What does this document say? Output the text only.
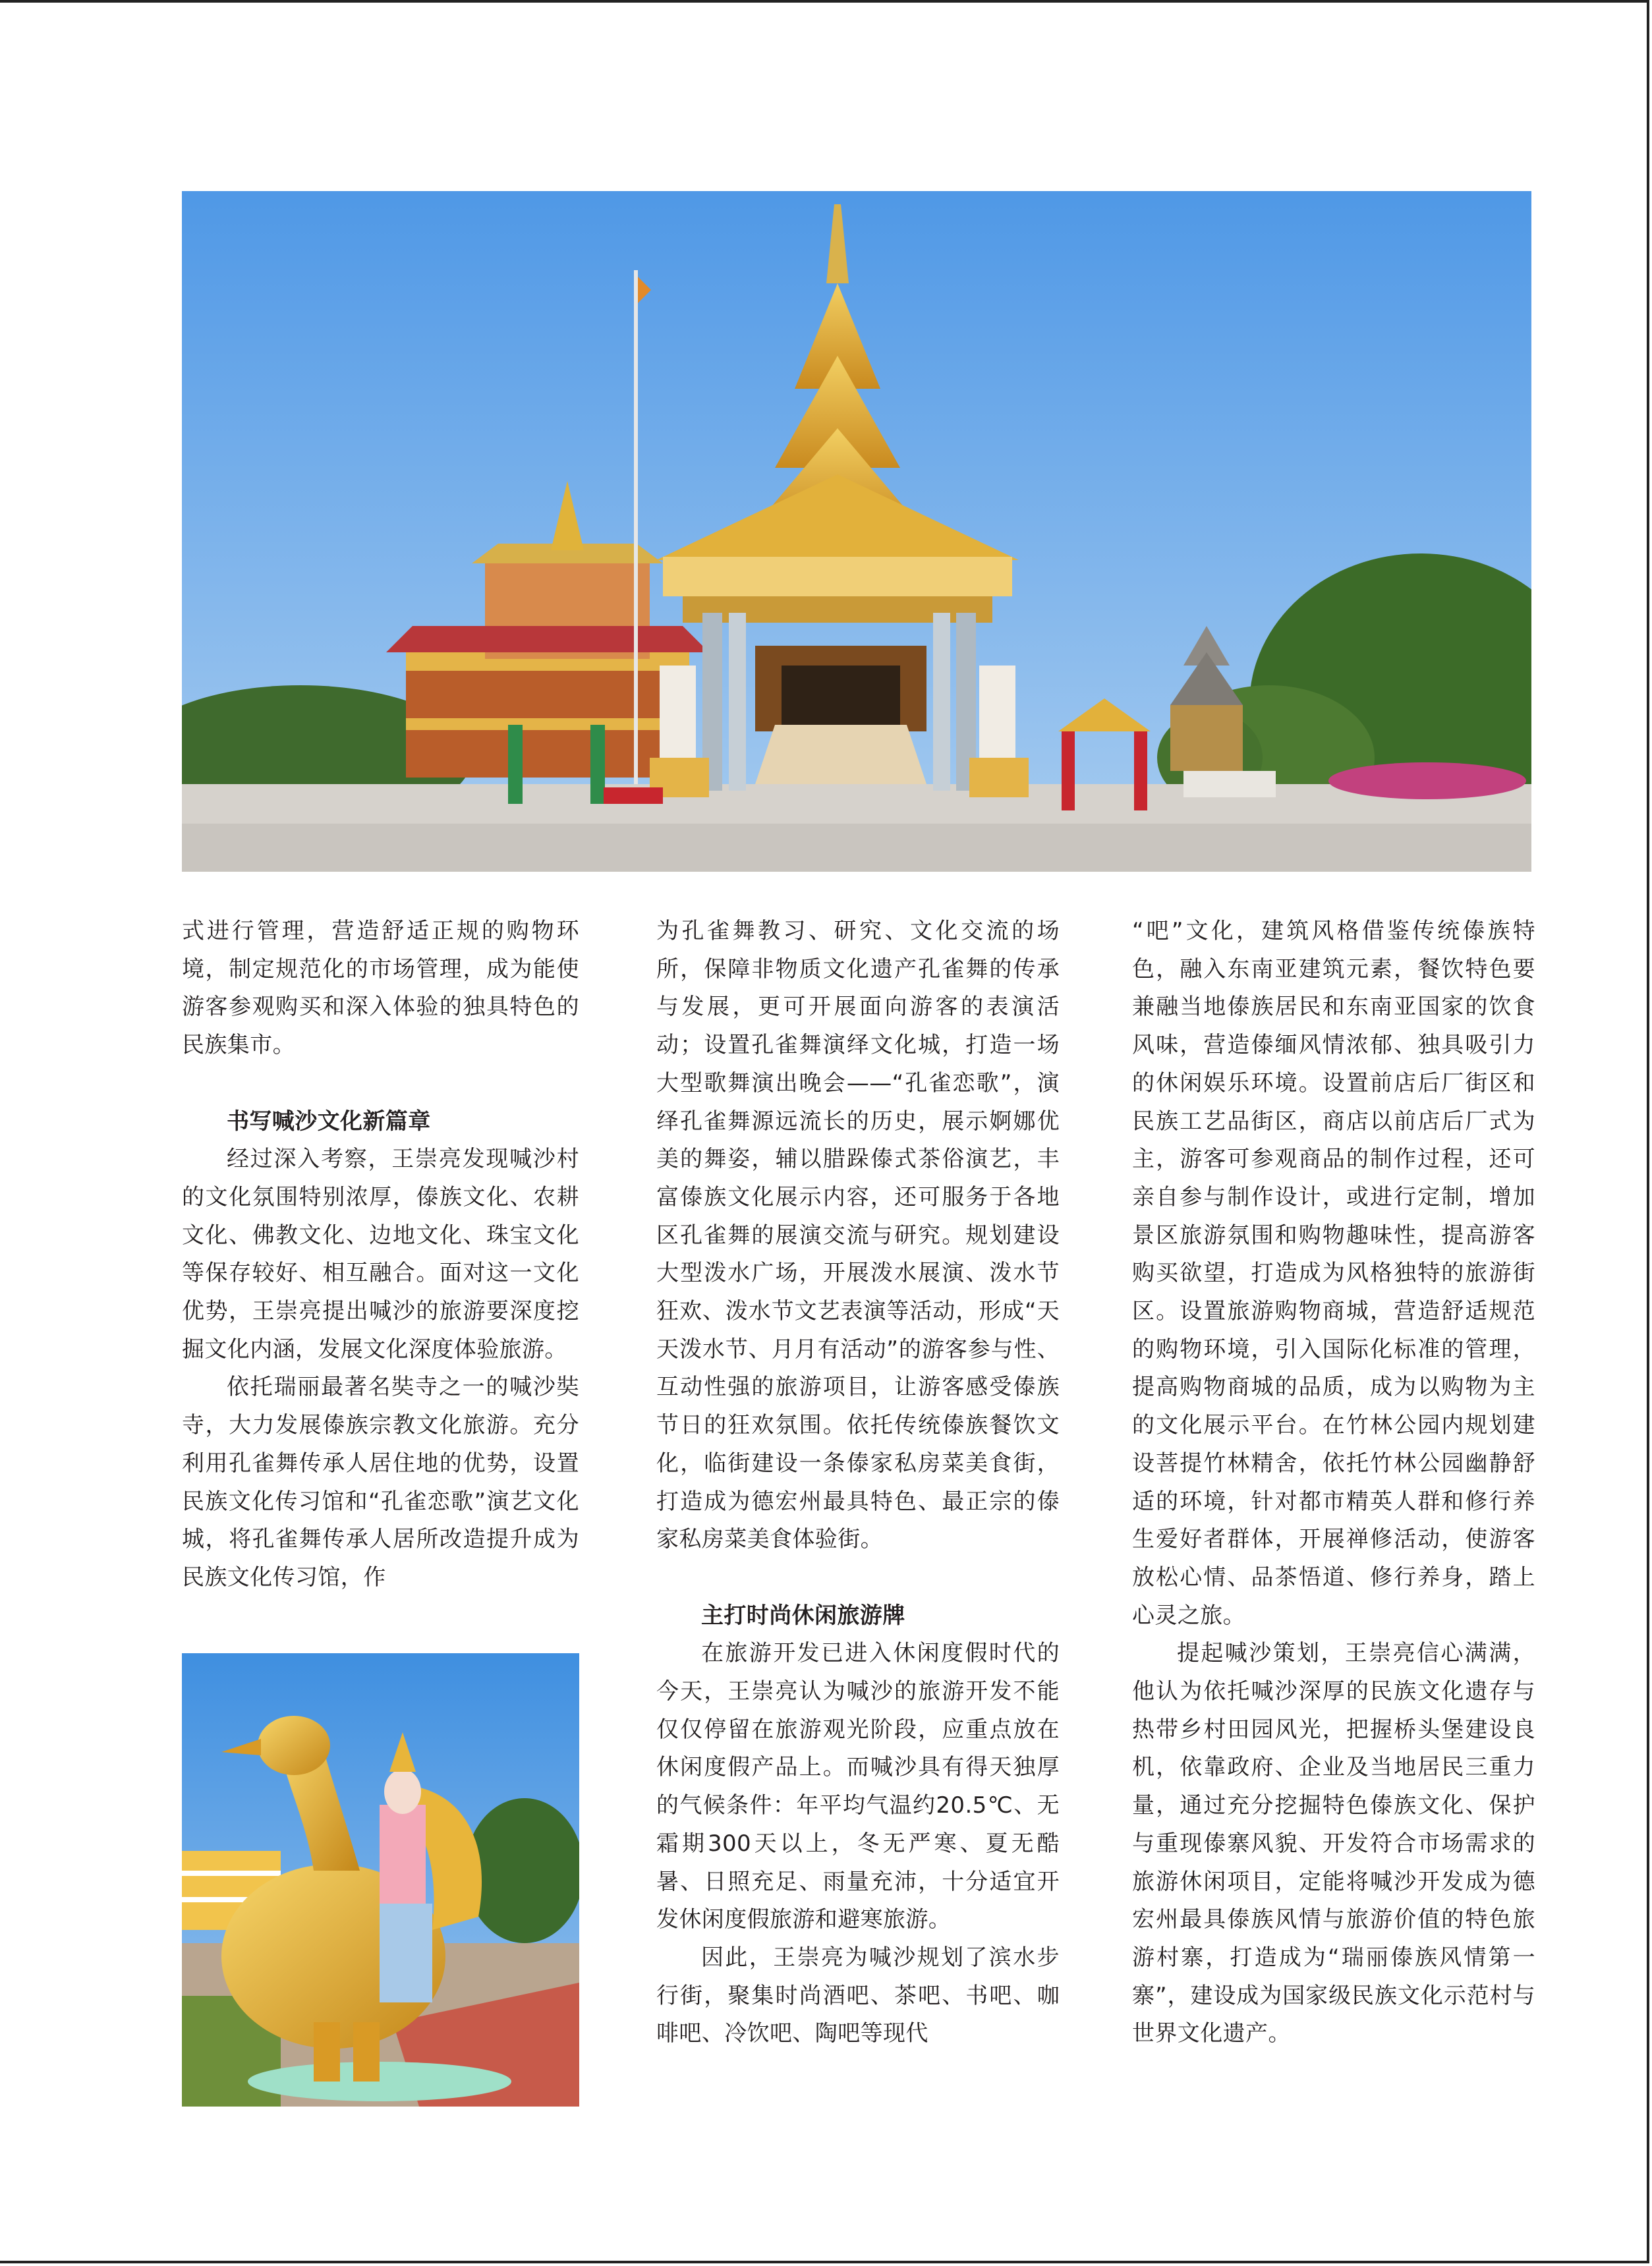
式进行管理，营造舒适正规的购物环境，制定规范化的市场管理，成为能使游客参观购买和深入体验的独具特色的民族集市。

书写喊沙文化新篇章

经过深入考察，王崇亮发现喊沙村的文化氛围特别浓厚，傣族文化、农耕文化、佛教文化、边地文化、珠宝文化等保存较好、相互融合。面对这一文化优势，王崇亮提出喊沙的旅游要深度挖掘文化内涵，发展文化深度体验旅游。

依托瑞丽最著名奘寺之一的喊沙奘寺，大力发展傣族宗教文化旅游。充分利用孔雀舞传承人居住地的优势，设置民族文化传习馆和“孔雀恋歌”演艺文化城，将孔雀舞传承人居所改造提升成为民族文化传习馆，作

为孔雀舞教习、研究、文化交流的场所，保障非物质文化遗产孔雀舞的传承与发展，更可开展面向游客的表演活动；设置孔雀舞演绎文化城，打造一场大型歌舞演出晚会——“孔雀恋歌”，演绎孔雀舞源远流长的历史，展示婀娜优美的舞姿，辅以腊跺傣式茶俗演艺，丰富傣族文化展示内容，还可服务于各地区孔雀舞的展演交流与研究。规划建设大型泼水广场，开展泼水展演、泼水节狂欢、泼水节文艺表演等活动，形成“天天泼水节、月月有活动”的游客参与性、互动性强的旅游项目，让游客感受傣族节日的狂欢氛围。依托传统傣族餐饮文化，临街建设一条傣家私房菜美食街，打造成为德宏州最具特色、最正宗的傣家私房菜美食体验街。

主打时尚休闲旅游牌

在旅游开发已进入休闲度假时代的今天，王崇亮认为喊沙的旅游开发不能仅仅停留在旅游观光阶段，应重点放在休闲度假产品上。而喊沙具有得天独厚的气候条件：年平均气温约20.5℃、无霜期300天以上，冬无严寒、夏无酷暑、日照充足、雨量充沛，十分适宜开发休闲度假旅游和避寒旅游。

因此，王崇亮为喊沙规划了滨水步行街，聚集时尚酒吧、茶吧、书吧、咖啡吧、冷饮吧、陶吧等现代

“吧”文化，建筑风格借鉴传统傣族特色，融入东南亚建筑元素，餐饮特色要兼融当地傣族居民和东南亚国家的饮食风味，营造傣缅风情浓郁、独具吸引力的休闲娱乐环境。设置前店后厂街区和民族工艺品街区，商店以前店后厂式为主，游客可参观商品的制作过程，还可亲自参与制作设计，或进行定制，增加景区旅游氛围和购物趣味性，提高游客购买欲望，打造成为风格独特的旅游街区。设置旅游购物商城，营造舒适规范的购物环境，引入国际化标准的管理，提高购物商城的品质，成为以购物为主的文化展示平台。在竹林公园内规划建设菩提竹林精舍，依托竹林公园幽静舒适的环境，针对都市精英人群和修行养生爱好者群体，开展禅修活动，使游客放松心情、品茶悟道、修行养身，踏上心灵之旅。

提起喊沙策划，王崇亮信心满满，他认为依托喊沙深厚的民族文化遗存与热带乡村田园风光，把握桥头堡建设良机，依靠政府、企业及当地居民三重力量，通过充分挖掘特色傣族文化、保护与重现傣寨风貌、开发符合市场需求的旅游休闲项目，定能将喊沙开发成为德宏州最具傣族风情与旅游价值的特色旅游村寨，打造成为“瑞丽傣族风情第一寨”，建设成为国家级民族文化示范村与世界文化遗产。
